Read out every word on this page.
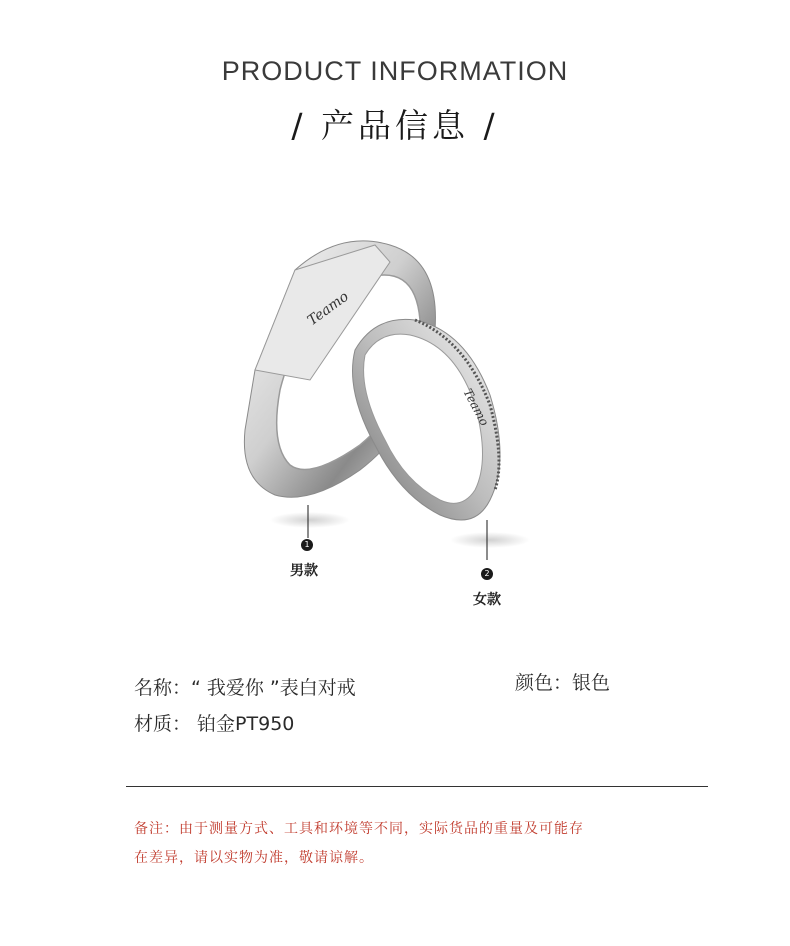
PRODUCT INFORMATION
/ 产品信息 /
Teamo
Teamo
1
男款	2
女款
名称：“ 我爱你 ”表白对戒	颜色：银色
材质： 铂金PT950
备注：由于测量方式、工具和环境等不同，实际货品的重量及可能存
在差异，请以实物为准，敬请谅解。
